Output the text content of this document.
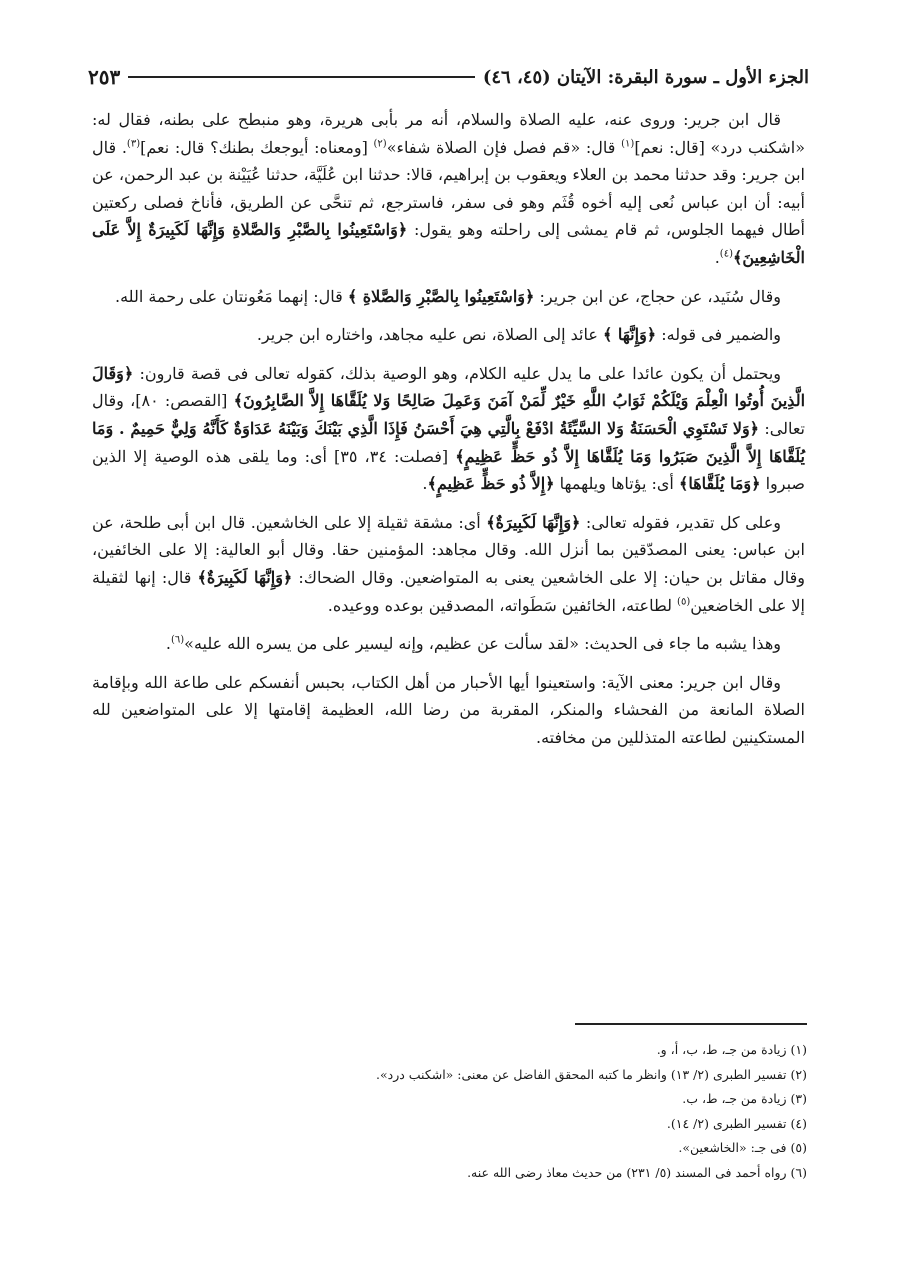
الجزء الأول ـ سورة البقرة: الآيتان (٤٥، ٤٦)
٢٥٣

قال ابن جرير: وروى عنه، عليه الصلاة والسلام، أنه مر بأبى هريرة، وهو منبطح على بطنه، فقال له: «اشكنب درد» [قال: نعم]$^{(١)}$ قال: «قم فصل فإن الصلاة شفاء»$^{(٢)}$ [ومعناه: أيوجعك بطنك؟ قال: نعم]$^{(٣)}$. قال ابن جرير: وقد حدثنا محمد بن العلاء ويعقوب بن إبراهيم، قالا: حدثنا ابن عُلَيَّة، حدثنا عُيَيْنة بن عبد الرحمن، عن أبيه: أن ابن عباس نُعى إليه أخوه قُثَم وهو فى سفر، فاسترجع، ثم تنحَّى عن الطريق، فأناخ فصلى ركعتين أطال فيهما الجلوس، ثم قام يمشى إلى راحلته وهو يقول: ﴿وَاسْتَعِينُوا بِالصَّبْرِ وَالصَّلاةِ وَإِنَّهَا لَكَبِيرَةٌ إِلاَّ عَلَى الْخَاشِعِينَ﴾$^{(٤)}$.

وقال سُنَيد، عن حجاج، عن ابن جرير: ﴿وَاسْتَعِينُوا بِالصَّبْرِ وَالصَّلاةِ ﴾ قال: إنهما مَعُونتان على رحمة الله.

والضمير فى قوله: ﴿وَإِنَّهَا ﴾ عائد إلى الصلاة، نص عليه مجاهد، واختاره ابن جرير.

ويحتمل أن يكون عائدا على ما يدل عليه الكلام، وهو الوصية بذلك، كقوله تعالى فى قصة قارون: ﴿وَقَالَ الَّذِينَ أُوتُوا الْعِلْمَ وَيْلَكُمْ ثَوَابُ اللَّهِ خَيْرٌ لِّمَنْ آمَنَ وَعَمِلَ صَالِحًا وَلا يُلَقَّاهَا إِلاَّ الصَّابِرُونَ﴾ [القصص: ٨٠]، وقال تعالى: ﴿وَلا تَسْتَوِي الْحَسَنَةُ وَلا السَّيِّئَةُ ادْفَعْ بِالَّتِي هِيَ أَحْسَنُ فَإِذَا الَّذِي بَيْنَكَ وَبَيْنَهُ عَدَاوَةٌ كَأَنَّهُ وَلِيٌّ حَمِيمٌ . وَمَا يُلَقَّاهَا إِلاَّ الَّذِينَ صَبَرُوا وَمَا يُلَقَّاهَا إِلاَّ ذُو حَظٍّ عَظِيمٍ﴾ [فصلت: ٣٤، ٣٥] أى: وما يلقى هذه الوصية إلا الذين صبروا ﴿وَمَا يُلَقَّاهَا﴾ أى: يؤتاها ويلهمها ﴿إِلاَّ ذُو حَظٍّ عَظِيمٍ﴾.

وعلى كل تقدير، فقوله تعالى: ﴿وَإِنَّهَا لَكَبِيرَةٌ﴾ أى: مشقة ثقيلة إلا على الخاشعين. قال ابن أبى طلحة، عن ابن عباس: يعنى المصدّقين بما أنزل الله. وقال مجاهد: المؤمنين حقا. وقال أبو العالية: إلا على الخائفين، وقال مقاتل بن حيان: إلا على الخاشعين يعنى به المتواضعين. وقال الضحاك: ﴿وَإِنَّهَا لَكَبِيرَةٌ﴾ قال: إنها لثقيلة إلا على الخاضعين$^{(٥)}$ لطاعته، الخائفين سَطَواته، المصدقين بوعده ووعيده.

وهذا يشبه ما جاء فى الحديث: «لقد سألت عن عظيم، وإنه ليسير على من يسره الله عليه»$^{(٦)}$.

وقال ابن جرير: معنى الآية: واستعينوا أيها الأحبار من أهل الكتاب، بحبس أنفسكم على طاعة الله وبإقامة الصلاة المانعة من الفحشاء والمنكر، المقربة من رضا الله، العظيمة إقامتها إلا على المتواضعين لله المستكينين لطاعته المتذللين من مخافته.

(١) زيادة من جـ، ط، ب، أ، و.
(٢) تفسير الطبرى (٢/ ١٣) وانظر ما كتبه المحقق الفاضل عن معنى: «اشكنب درد».
(٣) زيادة من جـ، ط، ب.
(٤) تفسير الطبرى (٢/ ١٤).
(٥) فى جـ: «الخاشعين».
(٦) رواه أحمد فى المسند (٥/ ٢٣١) من حديث معاذ رضى الله عنه.
